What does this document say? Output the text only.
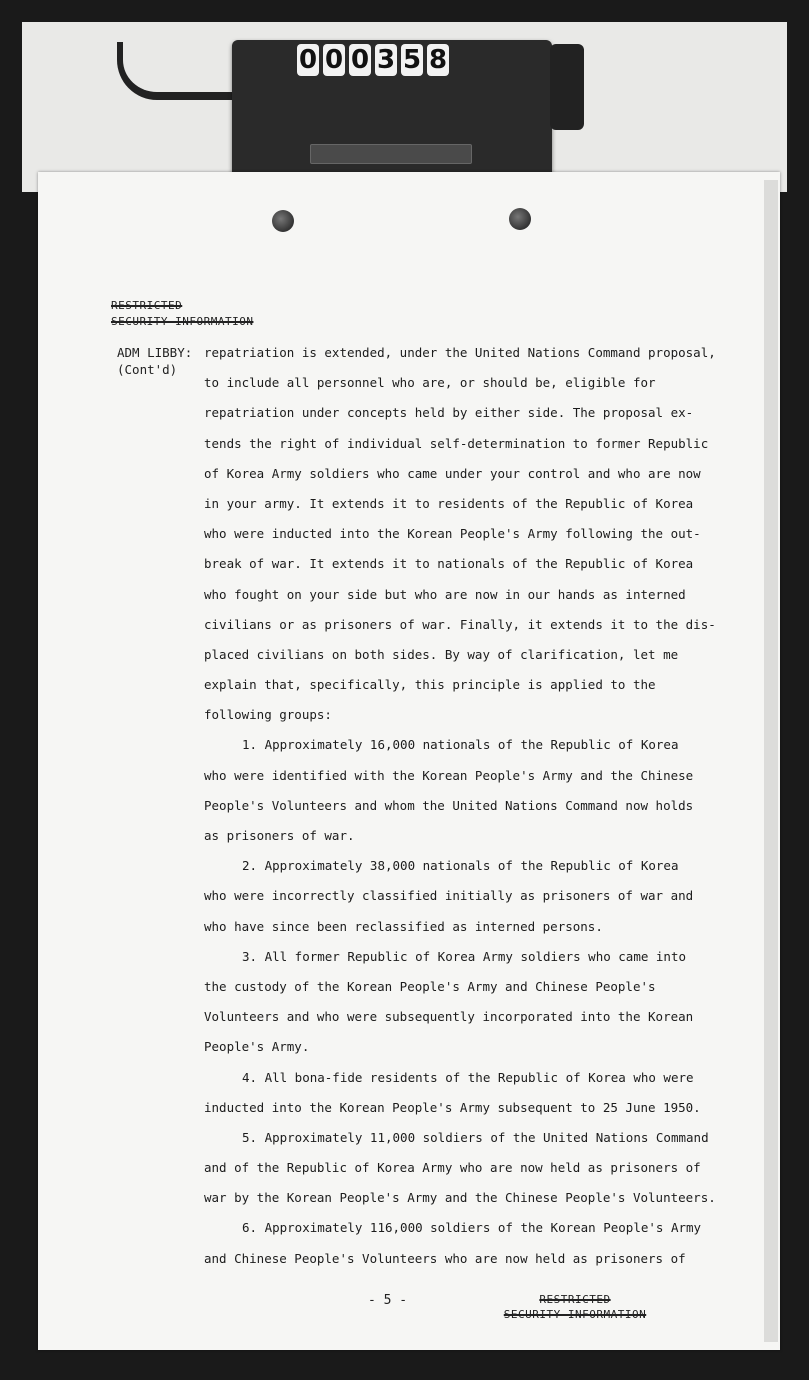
0 0 0 3 5 8
RESTRICTED
SECURITY INFORMATION
ADM LIBBY:
(Cont'd)
repatriation is extended, under the United Nations Command proposal,
to include all personnel who are, or should be, eligible for
repatriation under concepts held by either side. The proposal ex-
tends the right of individual self-determination to former Republic
of Korea Army soldiers who came under your control and who are now
in your army. It extends it to residents of the Republic of Korea
who were inducted into the Korean People's Army following the out-
break of war. It extends it to nationals of the Republic of Korea
who fought on your side but who are now in our hands as interned
civilians or as prisoners of war. Finally, it extends it to the dis-
placed civilians on both sides. By way of clarification, let me
explain that, specifically, this principle is applied to the
following groups:
1. Approximately 16,000 nationals of the Republic of Korea
who were identified with the Korean People's Army and the Chinese
People's Volunteers and whom the United Nations Command now holds
as prisoners of war.
2. Approximately 38,000 nationals of the Republic of Korea
who were incorrectly classified initially as prisoners of war and
who have since been reclassified as interned persons.
3. All former Republic of Korea Army soldiers who came into
the custody of the Korean People's Army and Chinese People's
Volunteers and who were subsequently incorporated into the Korean
People's Army.
4. All bona-fide residents of the Republic of Korea who were
inducted into the Korean People's Army subsequent to 25 June 1950.
5. Approximately 11,000 soldiers of the United Nations Command
and of the Republic of Korea Army who are now held as prisoners of
war by the Korean People's Army and the Chinese People's Volunteers.
6. Approximately 116,000 soldiers of the Korean People's Army
and Chinese People's Volunteers who are now held as prisoners of
- 5 -	RESTRICTED
SECURITY INFORMATION
